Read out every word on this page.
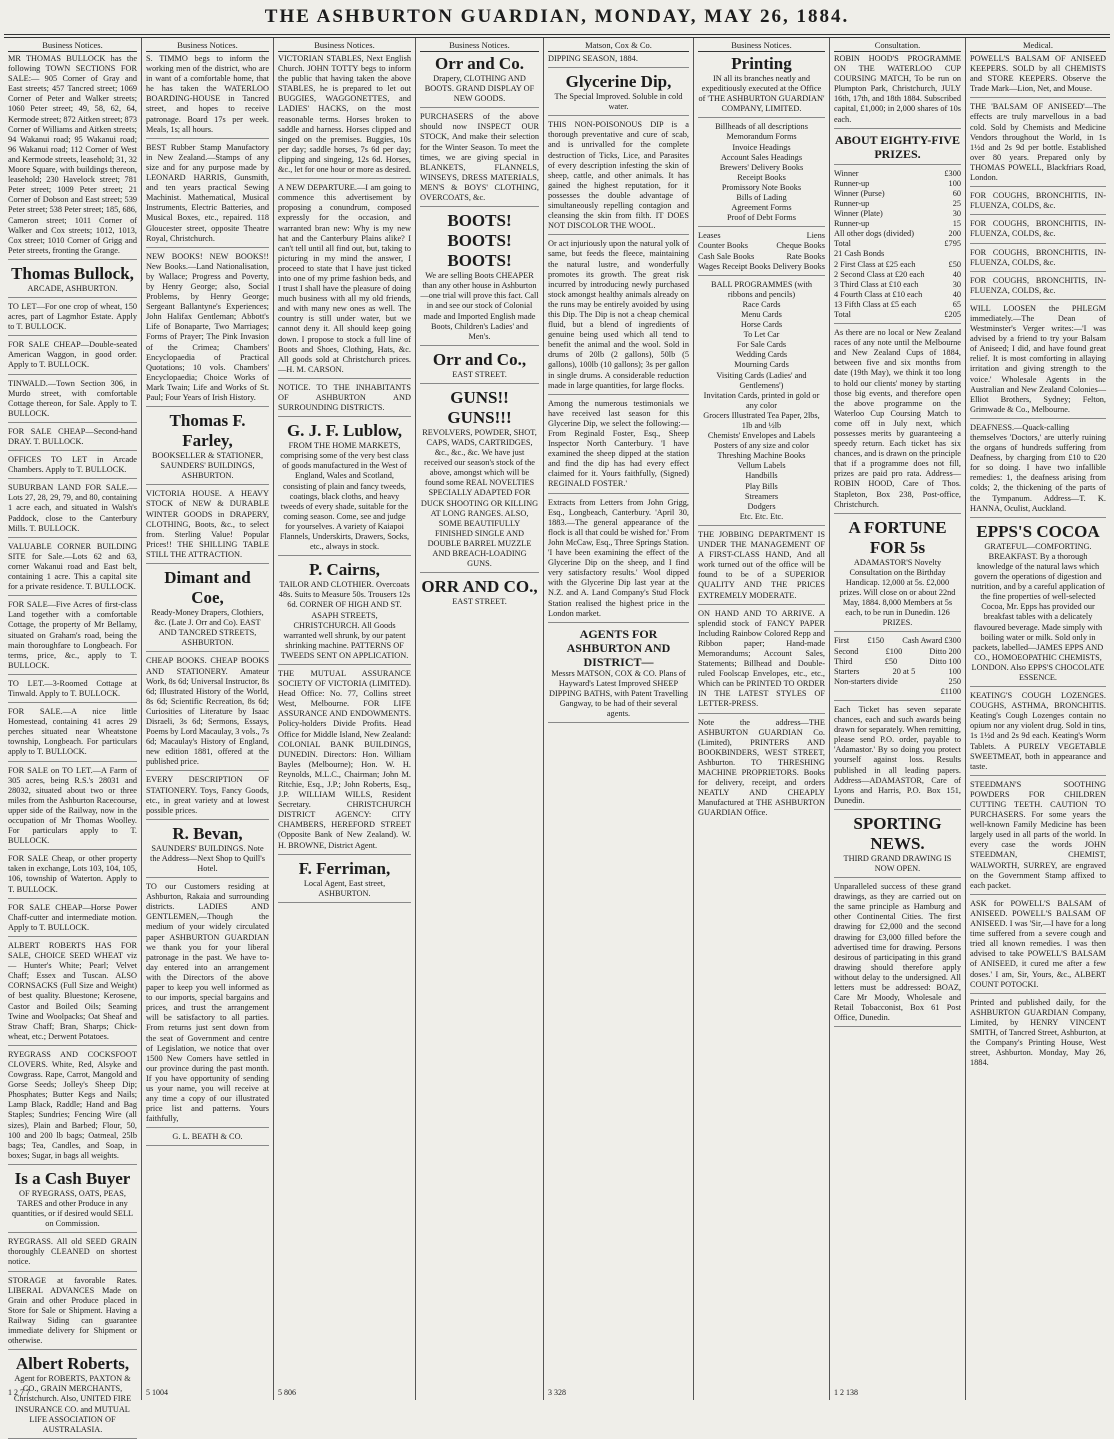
THE ASHBURTON GUARDIAN, MONDAY, MAY 26, 1884.
Business Notices.
MR THOMAS BULLOCK has the following TOWN SECTIONS FOR SALE:— 905 Corner of Gray and East streets; 457 Tancred street; 1069 Corner of Peter and Walker streets; 1060 Peter street; 49, 58, 62, 64, Kermode street; 872 Aitken street; 873 Corner of Williams and Aitken streets; 94 Wakanui road; 95 Wakanui road; 96 Wakanui road; 112 Corner of West and Kermode streets, leasehold; 31, 32 Moore Square, with buildings thereon, leasehold; 230 Havelock street; 781 Peter street; 1009 Peter street; 21 Corner of Dobson and East street; 539 Peter street; 538 Peter street; 185, 686, Cameron street; 1011 Corner of Walker and Cox streets; 1012, 1013, Cox street; 1010 Corner of Grigg and Peter streets, fronting the Grange.
Thomas Bullock,
ARCADE, ASHBURTON.
TO LET—For one crop of wheat, 150 acres, part of Lagmhor Estate. Apply to T. BULLOCK.
FOR SALE CHEAP—Double-seated American Waggon, in good order. Apply to T. BULLOCK.
TINWALD.—Town Section 306, in Murdo street, with comfortable Cottage thereon, for Sale. Apply to T. BULLOCK.
FOR SALE CHEAP—Second-hand DRAY. T. BULLOCK.
OFFICES TO LET in Arcade Chambers. Apply to T. BULLOCK.
SUBURBAN LAND FOR SALE.—Lots 27, 28, 29, 79, and 80, containing 1 acre each, and situated in Walsh's Paddock, close to the Canterbury Mills. T. BULLOCK.
VALUABLE CORNER BUILDING SITE for Sale.—Lots 62 and 63, corner Wakanui road and East belt, containing 1 acre. This a capital site for a private residence. T. BULLOCK.
FOR SALE—Five Acres of first-class Land together with a comfortable Cottage, the property of Mr Bellamy, situated on Graham's road, being the main thoroughfare to Longbeach. For terms, price, &c., apply to T. BULLOCK.
TO LET.—3-Roomed Cottage at Tinwald. Apply to T. BULLOCK.
FOR SALE.—A nice little Homestead, containing 41 acres 29 perches situated near Wheatstone township, Longbeach. For particulars apply to T. BULLOCK.
FOR SALE on TO LET.—A Farm of 305 acres, being R.S.'s 28031 and 28032, situated about two or three miles from the Ashburton Racecourse, upper side of the Railway, now in the occupation of Mr Thomas Woolley. For particulars apply to T. BULLOCK.
FOR SALE Cheap, or other property taken in exchange, Lots 103, 104, 105, 106, township of Waterton. Apply to T. BULLOCK.
FOR SALE CHEAP—Horse Power Chaff-cutter and intermediate motion. Apply to T. BULLOCK.
ALBERT ROBERTS HAS FOR SALE, CHOICE SEED WHEAT viz— Hunter's White; Pearl; Velvet Chaff; Essex and Tuscan. ALSO CORNSACKS (Full Size and Weight) of best quality. Bluestone; Kerosene, Castor and Boiled Oils; Seaming Twine and Woolpacks; Oat Sheaf and Straw Chaff; Bran, Sharps; Chick-wheat, etc.; Derwent Potatoes.
RYEGRASS AND COCKSFOOT CLOVERS. White, Red, Alsyke and Cowgrass. Rape, Carrot, Mangold and Gorse Seeds; Jolley's Sheep Dip; Phosphates; Butter Kegs and Nails; Lamp Black, Raddle; Hand and Bag Staples; Sundries; Fencing Wire (all sizes), Plain and Barbed; Flour, 50, 100 and 200 lb bags; Oatmeal, 25lb bags; Tea, Candles, and Soap, in boxes; Sugar, in bags all weights.
Is a Cash Buyer
OF RYEGRASS, OATS, PEAS, TARES and other Produce in any quantities, or if desired would SELL on Commission.
RYEGRASS. All old SEED GRAIN thoroughly CLEANED on shortest notice.
STORAGE at favorable Rates. LIBERAL ADVANCES Made on Grain and other Produce placed in Store for Sale or Shipment. Having a Railway Siding can guarantee immediate delivery for Shipment or otherwise.
Albert Roberts,
Agent for ROBERTS, PAXTON & CO., GRAIN MERCHANTS, Christchurch. Also, UNITED FIRE INSURANCE CO. and MUTUAL LIFE ASSOCIATION OF AUSTRALASIA.
1 2 7 7
Business Notices.
S. TIMMO begs to inform the working men of the district, who are in want of a comfortable home, that he has taken the WATERLOO BOARDING-HOUSE in Tancred street, and hopes to receive patronage. Board 17s per week. Meals, 1s; all hours.
BEST Rubber Stamp Manufactory in New Zealand.—Stamps of any size and for any purpose made by LEONARD HARRIS, Gunsmith, and ten years practical Sewing Machinist. Mathematical, Musical Instruments, Electric Batteries, and Musical Boxes, etc., repaired. 118 Gloucester street, opposite Theatre Royal, Christchurch.
NEW BOOKS! NEW BOOKS!! New Books.—Land Nationalisation, by Wallace; Progress and Poverty, by Henry George; also, Social Problems, by Henry George; Sergeant Ballantyne's Experiences; John Halifax Gentleman; Abbott's Life of Bonaparte, Two Marriages; Forms of Prayer; The Pink Invasion of the Crimea; Chambers' Encyclopaedia of Practical Quotations; 10 vols. Chambers' Encyclopaedia; Choice Works of Mark Twain; Life and Works of St. Paul; Four Years of Irish History.
Thomas F. Farley,
BOOKSELLER & STATIONER, SAUNDERS' BUILDINGS, ASHBURTON.
VICTORIA HOUSE. A HEAVY STOCK of NEW & DURABLE WINTER GOODS in DRAPERY, CLOTHING, Boots, &c., to select from. Sterling Value! Popular Prices!! THE SHILLING TABLE STILL THE ATTRACTION.
Dimant and Coe,
Ready-Money Drapers, Clothiers, &c. (Late J. Orr and Co). EAST AND TANCRED STREETS, ASHBURTON.
CHEAP BOOKS. CHEAP BOOKS AND STATIONERY. Amateur Work, 8s 6d; Universal Instructor, 8s 6d; Illustrated History of the World, 8s 6d; Scientific Recreation, 8s 6d; Curiosities of Literature by Isaac Disraeli, 3s 6d; Sermons, Essays, Poems by Lord Macaulay, 3 vols., 7s 6d; Macaulay's History of England, new edition 1881, offered at the published price.
EVERY DESCRIPTION OF STATIONERY. Toys, Fancy Goods, etc., in great variety and at lowest possible prices.
R. Bevan,
SAUNDERS' BUILDINGS. Note the Address—Next Shop to Quill's Hotel.
TO our Customers residing at Ashburton, Rakaia and surrounding districts. LADIES AND GENTLEMEN,—Though the medium of your widely circulated paper ASHBURTON GUARDIAN we thank you for your liberal patronage in the past. We have to-day entered into an arrangement with the Directors of the above paper to keep you well informed as to our imports, special bargains and prices, and trust the arrangement will be satisfactory to all parties. From returns just sent down from the seat of Government and centre of Legislation, we notice that over 1500 New Comers have settled in our province during the past month. If you have opportunity of sending us your name, you will receive at any time a copy of our illustrated price list and patterns. Yours faithfully,
G. L. BEATH & CO.
5 1004
Business Notices.
VICTORIAN STABLES, Next English Church. JOHN TOTTY begs to inform the public that having taken the above STABLES, he is prepared to let out BUGGIES, WAGGONETTES, and LADIES' HACKS, on the most reasonable terms. Horses broken to saddle and harness. Horses clipped and singed on the premises. Buggies, 10s per day; saddle horses, 7s 6d per day; clipping and singeing, 12s 6d. Horses, &c., let for one hour or more as desired.
A NEW DEPARTURE.—I am going to commence this advertisement by proposing a conundrum, composed expressly for the occasion, and warranted bran new: Why is my new hat and the Canterbury Plains alike? I can't tell until all find out, but, taking to picturing in my mind the answer, I proceed to state that I have just ticked into one of my prime fashion beds, and I trust I shall have the pleasure of doing much business with all my old friends, and with many new ones as well. The country is still under water, but we cannot deny it. All should keep going down. I propose to stock a full line of Boots and Shoes, Clothing, Hats, &c. All goods sold at Christchurch prices.—H. M. CARSON.
NOTICE. TO THE INHABITANTS OF ASHBURTON AND SURROUNDING DISTRICTS.
G. J. F. Lublow,
FROM THE HOME MARKETS, comprising some of the very best class of goods manufactured in the West of England, Wales and Scotland, consisting of plain and fancy tweeds, coatings, black cloths, and heavy tweeds of every shade, suitable for the coming season. Come, see and judge for yourselves. A variety of Kaiapoi Flannels, Underskirts, Drawers, Socks, etc., always in stock.
P. Cairns,
TAILOR AND CLOTHIER. Overcoats 48s. Suits to Measure 50s. Trousers 12s 6d. CORNER OF HIGH AND ST. ASAPH STREETS, CHRISTCHURCH. All Goods warranted well shrunk, by our patent shrinking machine. PATTERNS OF TWEEDS SENT ON APPLICATION.
THE MUTUAL ASSURANCE SOCIETY OF VICTORIA (LIMITED). Head Office: No. 77, Collins street West, Melbourne. FOR LIFE ASSURANCE AND ENDOWMENTS. Policy-holders Divide Profits. Head Office for Middle Island, New Zealand: COLONIAL BANK BUILDINGS, DUNEDIN. Directors: Hon. William Bayles (Melbourne); Hon. W. H. Reynolds, M.L.C., Chairman; John M. Ritchie, Esq., J.P.; John Roberts, Esq., J.P. WILLIAM WILLS, Resident Secretary. CHRISTCHURCH DISTRICT AGENCY: CITY CHAMBERS, HEREFORD STREET (Opposite Bank of New Zealand). W. H. BROWNE, District Agent.
F. Ferriman,
Local Agent, East street, ASHBURTON.
5 806
Business Notices.
Orr and Co.
Drapery, CLOTHING AND BOOTS. GRAND DISPLAY OF NEW GOODS.
PURCHASERS of the above should now INSPECT OUR STOCK, And make their selection for the Winter Season. To meet the times, we are giving special in BLANKETS, FLANNELS, WINSEYS, DRESS MATERIALS, MEN'S & BOYS' CLOTHING, OVERCOATS, &c.
BOOTS! BOOTS! BOOTS!
We are selling Boots CHEAPER than any other house in Ashburton—one trial will prove this fact. Call in and see our stock of Colonial made and Imported English made Boots, Children's Ladies' and Men's.
Orr and Co.,
EAST STREET.
GUNS!! GUNS!!!
REVOLVERS, POWDER, SHOT, CAPS, WADS, CARTRIDGES, &c., &c., &c. We have just received our season's stock of the above, amongst which will be found some REAL NOVELTIES SPECIALLY ADAPTED FOR DUCK SHOOTING OR KILLING AT LONG RANGES. ALSO, SOME BEAUTIFULLY FINISHED SINGLE AND DOUBLE BARREL MUZZLE AND BREACH-LOADING GUNS.
ORR AND CO.,
EAST STREET.
Matson, Cox & Co.
DIPPING SEASON, 1884.
Glycerine Dip,
The Special Improved. Soluble in cold water.
THIS NON-POISONOUS DIP is a thorough preventative and cure of scab, and is unrivalled for the complete destruction of Ticks, Lice, and Parasites of every description infesting the skin of sheep, cattle, and other animals. It has gained the highest reputation, for it possesses the double advantage of simultaneously repelling contagion and cleansing the skin from filth. IT DOES NOT DISCOLOR THE WOOL.
Or act injuriously upon the natural yolk of same, but feeds the fleece, maintaining the natural lustre, and wonderfully promotes its growth. The great risk incurred by introducing newly purchased stock amongst healthy animals already on the runs may be entirely avoided by using this Dip. The Dip is not a cheap chemical fluid, but a blend of ingredients of genuine being used which all tend to benefit the animal and the wool. Sold in drums of 20lb (2 gallons), 50lb (5 gallons), 100lb (10 gallons); 3s per gallon in single drums. A considerable reduction made in large quantities, for large flocks.
Among the numerous testimonials we have received last season for this Glycerine Dip, we select the following:— From Reginald Foster, Esq., Sheep Inspector North Canterbury. 'I have examined the sheep dipped at the station and find the dip has had every effect claimed for it. Yours faithfully, (Signed) REGINALD FOSTER.'
Extracts from Letters from John Grigg, Esq., Longbeach, Canterbury. 'April 30, 1883.—The general appearance of the flock is all that could be wished for.' From John McCaw, Esq., Three Springs Station. 'I have been examining the effect of the Glycerine Dip on the sheep, and I find very satisfactory results.' Wool dipped with the Glycerine Dip last year at the N.Z. and A. Land Company's Stud Flock Station realised the highest price in the London market.
AGENTS FOR ASHBURTON AND DISTRICT—
Messrs MATSON, COX & CO. Plans of Hayward's Latest Improved SHEEP DIPPING BATHS, with Patent Travelling Gangway, to be had of their several agents.
3 328
Business Notices.
Printing
IN all its branches neatly and expeditiously executed at the Office of 'THE ASHBURTON GUARDIAN' COMPANY, LIMITED.
Billheads of all descriptions
Memorandum Forms
Invoice Headings
Account Sales Headings
Brewers' Delivery Books
Receipt Books
Promissory Note Books
Bills of Lading
Agreement Forms
Proof of Debt Forms
Leases	Liens
Counter Books	Cheque Books
Cash Sale Books	Rate Books
Wages Receipt Books Delivery Books
BALL PROGRAMMES (with ribbons and pencils)
Race Cards
Menu Cards
Horse Cards
To Let Car
For Sale Cards
Wedding Cards
Mourning Cards
Visiting Cards (Ladies' and Gentlemens')
Invitation Cards, printed in gold or any color
Grocers Illustrated Tea Paper, 2lbs, 1lb and ½lb
Chemists' Envelopes and Labels
Posters of any size and color
Threshing Machine Books
Vellum Labels
Handbills
Play Bills
Streamers
Dodgers
Etc. Etc. Etc.
THE JOBBING DEPARTMENT IS UNDER THE MANAGEMENT OF A FIRST-CLASS HAND, And all work turned out of the office will be found to be of a SUPERIOR QUALITY AND THE PRICES EXTREMELY MODERATE.
ON HAND AND TO ARRIVE. A splendid stock of FANCY PAPER Including Rainbow Colored Repp and Ribbon paper; Hand-made Memorandums; Account Sales, Statements; Billhead and Double-ruled Foolscap Envelopes, etc., etc., Which can be PRINTED TO ORDER IN THE LATEST STYLES OF LETTER-PRESS.
Note the address—THE ASHBURTON GUARDIAN Co. (Limited), PRINTERS AND BOOKBINDERS, WEST STREET, Ashburton. TO THRESHING MACHINE PROPRIETORS. Books for delivery, receipt, and orders NEATLY AND CHEAPLY Manufactured at THE ASHBURTON GUARDIAN Office.
Consultation.
ROBIN HOOD'S PROGRAMME ON THE WATERLOO CUP COURSING MATCH, To be run on Plumpton Park, Christchurch, JULY 16th, 17th, and 18th 1884. Subscribed capital, £1,000; in 2,000 shares of 10s each.
ABOUT EIGHTY-FIVE PRIZES.
Winner	£300
Runner-up	100
Winner (Purse)	60
Runner-up	25
Winner (Plate)	30
Runner-up	15
All other dogs (divided)	200
Total	£795
21 Cash Bonds
2 First Class at £25 each	£50
2 Second Class at £20 each	40
3 Third Class at £10 each	30
4 Fourth Class at £10 each	40
13 Fifth Class at £5 each	65
Total	£205
As there are no local or New Zealand races of any note until the Melbourne and New Zealand Cups of 1884, between five and six months from date (19th May), we think it too long to hold our clients' money by starting those big events, and therefore open the above programme on the Waterloo Cup Coursing Match to come off in July next, which possesses merits by guaranteeing a speedy return. Each ticket has six chances, and is drawn on the principle that if a programme does not fill, prizes are paid pro rata. Address—ROBIN HOOD, Care of Thos. Stapleton, Box 238, Post-office, Christchurch.
A FORTUNE FOR 5s
ADAMASTOR'S Novelty Consultation on the Birthday Handicap. 12,000 at 5s. £2,000 prizes. Will close on or about 22nd May, 1884. 8,000 Members at 5s each, to be run in Dunedin. 126 PRIZES.
First £150 Cash Award £300
Second	£100	Ditto 200
Third	£50	Ditto 100
Starters	20 at 5	100
Non-starters divide	250
£1100
Each Ticket has seven separate chances, each and such awards being drawn for separately. When remitting, please send P.O. order, payable to 'Adamastor.' By so doing you protect yourself against loss. Results published in all leading papers. Address—ADAMASTOR, Care of Lyons and Harris, P.O. Box 151, Dunedin.
SPORTING NEWS.
THIRD GRAND DRAWING IS NOW OPEN.
Unparalleled success of these grand drawings, as they are carried out on the same principle as Hamburg and other Continental Cities. The first drawing for £2,000 and the second drawing for £3,000 filled before the advertised time for drawing. Persons desirous of participating in this grand drawing should therefore apply without delay to the undersigned. All letters must be addressed: BOAZ, Care Mr Moody, Wholesale and Retail Tobacconist, Box 61 Post Office, Dunedin.
1 2 138
Medical.
POWELL'S BALSAM OF ANISEED KEEPERS. SOLD by all CHEMISTS and STORE KEEPERS. Observe the Trade Mark—Lion, Net, and Mouse.
THE 'BALSAM OF ANISEED'—The effects are truly marvellous in a bad cold. Sold by Chemists and Medicine Vendors throughout the World, in 1s 1½d and 2s 9d per bottle. Established over 80 years. Prepared only by THOMAS POWELL, Blackfriars Road, London.
FOR COUGHS, BRONCHITIS, IN-FLUENZA, COLDS, &c.
FOR COUGHS, BRONCHITIS, IN-FLUENZA, COLDS, &c.
FOR COUGHS, BRONCHITIS, IN-FLUENZA, COLDS, &c.
FOR COUGHS, BRONCHITIS, IN-FLUENZA, COLDS, &c.
WILL LOOSEN the PHLEGM immediately.—The Dean of Westminster's Verger writes:—'I was advised by a friend to try your Balsam of Aniseed; I did, and have found great relief. It is most comforting in allaying irritation and giving strength to the voice.' Wholesale Agents in the Australian and New Zealand Colonies—Elliot Brothers, Sydney; Felton, Grimwade & Co., Melbourne.
DEAFNESS.—Quack-calling themselves 'Doctors,' are utterly ruining the organs of hundreds suffering from Deafness, by charging from £10 to £20 for so doing. I have two infallible remedies: 1, the deafness arising from colds; 2, the thickening of the parts of the Tympanum. Address—T. K. HANNA, Oculist, Auckland.
EPPS'S COCOA
GRATEFUL—COMFORTING. BREAKFAST. By a thorough knowledge of the natural laws which govern the operations of digestion and nutrition, and by a careful application of the fine properties of well-selected Cocoa, Mr. Epps has provided our breakfast tables with a delicately flavoured beverage. Made simply with boiling water or milk. Sold only in packets, labelled—JAMES EPPS AND CO., HOMOEOPATHIC CHEMISTS, LONDON. Also EPPS'S CHOCOLATE ESSENCE.
KEATING'S COUGH LOZENGES. COUGHS, ASTHMA, BRONCHITIS. Keating's Cough Lozenges contain no opium nor any violent drug. Sold in tins, 1s 1½d and 2s 9d each. Keating's Worm Tablets. A PURELY VEGETABLE SWEETMEAT, both in appearance and taste.
STEEDMAN'S SOOTHING POWDERS FOR CHILDREN CUTTING TEETH. CAUTION TO PURCHASERS. For some years the well-known Family Medicine has been largely used in all parts of the world. In every case the words JOHN STEEDMAN, CHEMIST, WALWORTH, SURREY, are engraved on the Government Stamp affixed to each packet.
ASK for POWELL'S BALSAM of ANISEED. POWELL'S BALSAM OF ANISEED. I was 'Sir,—I have for a long time suffered from a severe cough and tried all known remedies. I was then advised to take POWELL'S BALSAM of ANISEED, it cured me after a few doses.' I am, Sir, Yours, &c., ALBERT COUNT POTOCKI.
Printed and published daily, for the ASHBURTON GUARDIAN Company, Limited, by HENRY VINCENT SMITH, of Tancred Street, Ashburton, at the Company's Printing House, West street, Ashburton. Monday, May 26, 1884.
